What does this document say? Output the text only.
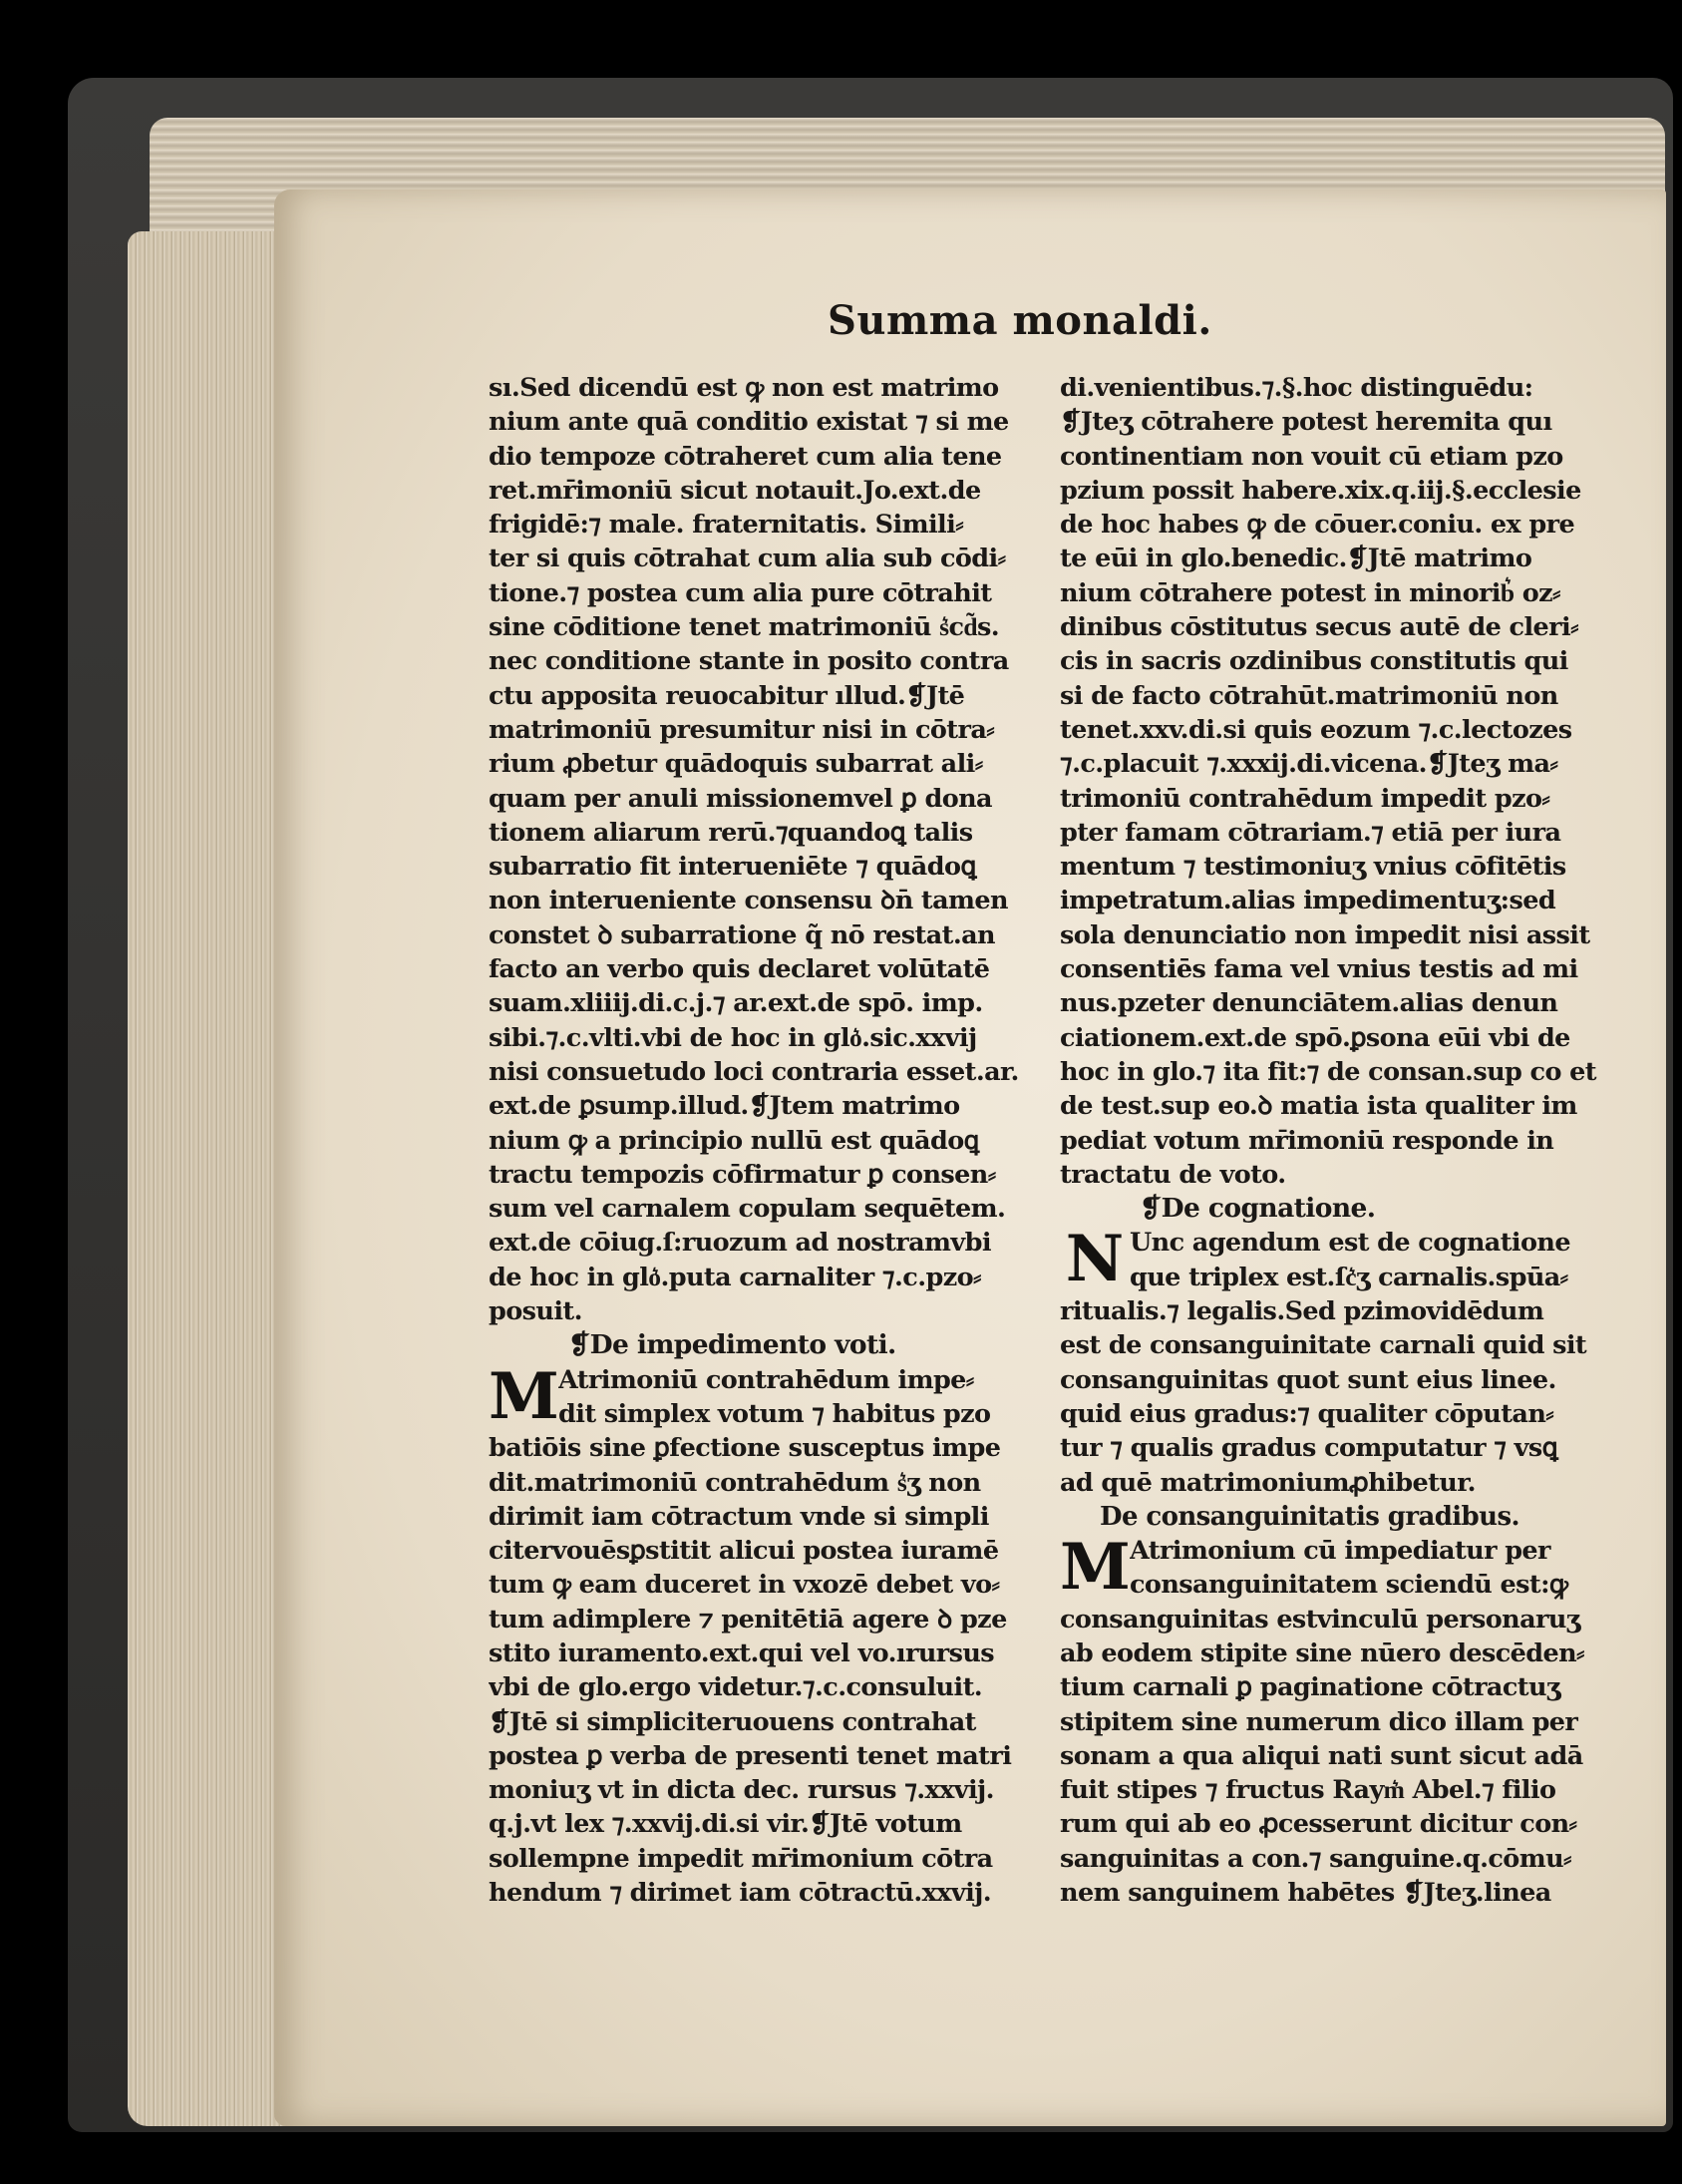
Summa monaldi.
sı.Sed dicendū est ꝙ non est matrimo
nium ante quā conditio existat ⁊ si me
dio tempoze cōtraheret cum alia tene
ret.mr̄imoniū sicut notauit.Jo.ext.de
frigidē:⁊ male. fraternitatis. Simili⸗
ter si quis cōtrahat cum alia sub cōdi⸗
tione.⁊ postea cum alia pure cōtrahit
sine cōditione tenet matrimoniū s͛cd͂s.
nec conditione stante in posito contra
ctu apposita reuocabitur ıllud.❡Jtē
matrimoniū presumitur nisi in cōtra⸗
rium ꝓbetur quādoquis subarrat ali⸗
quam per anuli missionemvel ꝑ dona
tionem aliarum rerū.⁊quandoꝗ talis
subarratio fit interueniēte ⁊ quādoꝗ
non interueniente consensu ꝺn̄ tamen
constet ꝺ subarratione q̃ nō restat.an
facto an verbo quis declaret volūtatē
suam.xliiij.di.c.j.⁊ ar.ext.de spō. imp.
sibi.⁊.c.vlti.vbi de hoc in glo͛.sic.xxvij
nisi consuetudo loci contraria esset.ar.
ext.de ꝑsump.illud.❡Jtem matrimo
nium ꝙ a principio nullū est quādoꝗ
tractu tempozis cōfirmatur ꝑ consen⸗
sum vel carnalem copulam sequētem.
ext.de cōiug.ſ:ruozum ad nostramvbi
de hoc in glo͛.puta carnaliter ⁊.c.pzo⸗
posuit.
❡De impedimento voti.
M Atrimoniū contrahēdum impe⸗
dit simplex votum ⁊ habitus pzo
batiōis sine ꝑfectione susceptus impe
dit.matrimoniū contrahēdum s͛ʒ non
dirimit iam cōtractum vnde si simpli
citervouēsꝑstitit alicui postea iuramē
tum ꝙ eam duceret in vxozē debet vo⸗
tum adimplere ⁊ penitētiā agere ꝺ pze
stito iuramento.ext.qui vel vo.ırursus
vbi de glo.ergo videtur.⁊.c.consuluit.
❡Jtē si simpliciteruouens contrahat
postea ꝑ verba de presenti tenet matri
moniuʒ vt in dicta dec. rursus ⁊.xxvij.
q.j.vt lex ⁊.xxvij.di.si vir.❡Jtē votum
sollempne impedit mr̄imonium cōtra
hendum ⁊ dirimet iam cōtractū.xxvij.
di.venientibus.⁊.§.hoc distinguēdu:
❡Jteʒ cōtrahere potest heremita quı
continentiam non vouit cū etiam pzo
pzium possit habere.xix.q.iij.§.ecclesie
de hoc habes ꝙ de cōuer.coniu. ex pre
te eūi in glo.benedic.❡Jtē matrimo
nium cōtrahere potest in minorib͛ oz⸗
dinibus cōstitutus secus autē de cleri⸗
cis in sacris ozdinibus constitutis qui
si de facto cōtrahūt.matrimoniū non
tenet.xxv.di.si quis eozum ⁊.c.lectozes
⁊.c.placuit ⁊.xxxij.di.vicena.❡Jteʒ ma⸗
trimoniū contrahēdum impedit pzo⸗
pter famam cōtrariam.⁊ etiā per iura
mentum ⁊ testimoniuʒ vnius cōfitētis
impetratum.alias impedimentuʒ:sed
sola denunciatio non impedit nisi assit
consentiēs fama vel vnius testis ad mi
nus.pzeter denunciātem.alias denun
ciationem.ext.de spō.ꝑsona eūi vbi de
hoc in glo.⁊ ita fit:⁊ de consan.sup co et
de test.sup eo.ꝺ matia ista qualiter im
pediat votum mr̄imoniū responde in
tractatu de voto.
❡De cognatione.
N Unc agendum est de cognatione
que triplex est.ſc͛ʒ carnalis.spūa⸗
ritualis.⁊ legalis.Sed pzimovidēdum
est de consanguinitate carnali quid sit
consanguinitas quot sunt eius linee.
quid eius gradus:⁊ qualiter cōputan⸗
tur ⁊ qualis gradus computatur ⁊ vsꝗ
ad quē matrimoniumꝓhibetur.
De consanguinitatis gradibus.
M Atrimonium cū impediatur per
consanguinitatem sciendū est:ꝙ
consanguinitas estvinculū personaruʒ
ab eodem stipite sine nūero descēden⸗
tium carnali ꝑ paginatione cōtractuʒ
stipitem sine numerum dico illam per
sonam a qua aliqui nati sunt sicut adā
fuit stipes ⁊ fructus Raym͛ Abel.⁊ filio
rum qui ab eo ꝓcesserunt dicitur con⸗
sanguinitas a con.⁊ sanguine.q.cōmu⸗
nem sanguinem habētes ❡Jteʒ.linea
